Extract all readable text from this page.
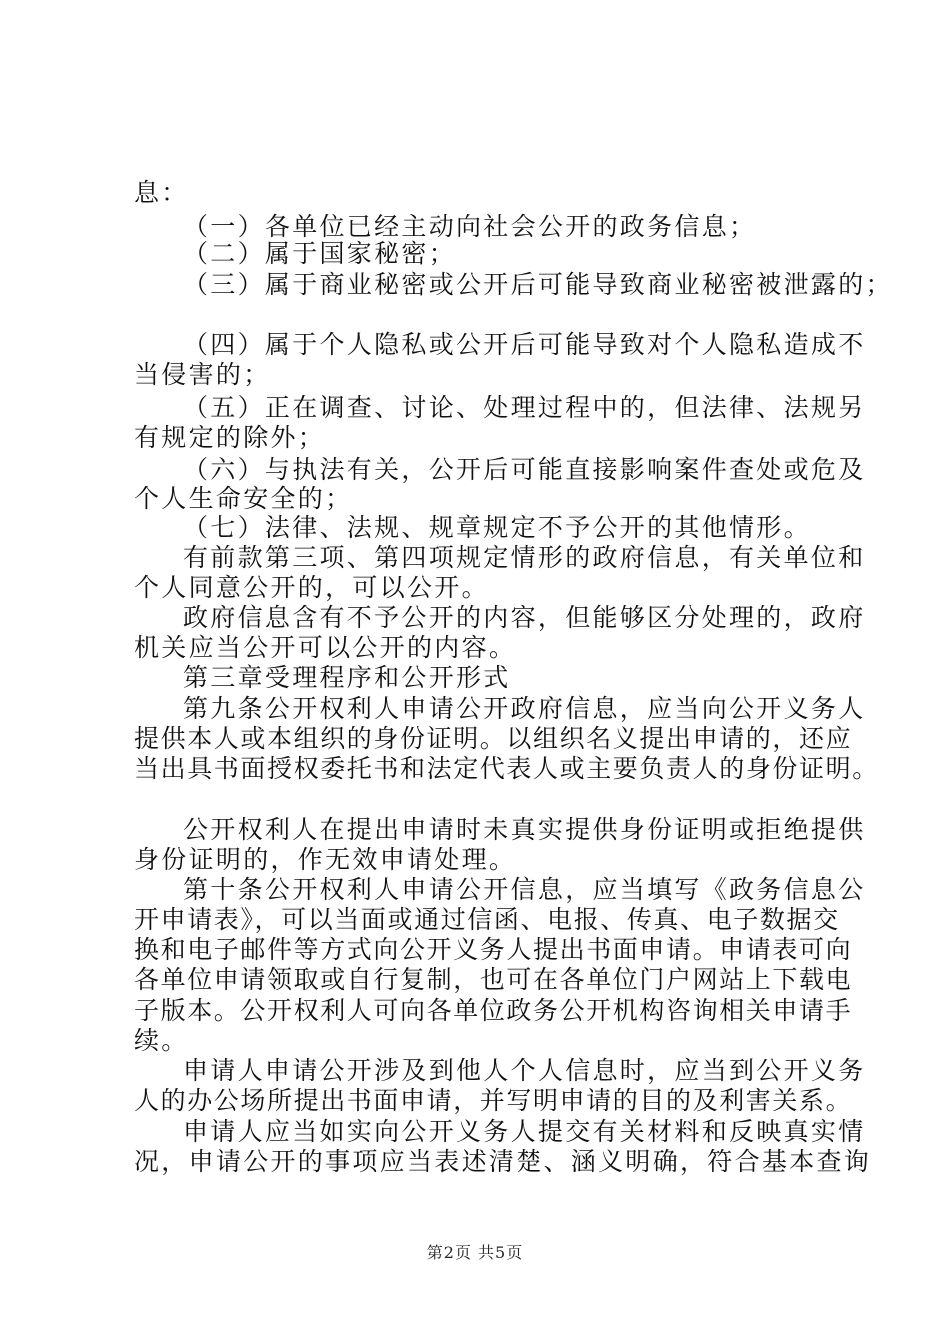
息：
（一）各单位已经主动向社会公开的政务信息；
（二）属于国家秘密；
（三）属于商业秘密或公开后可能导致商业秘密被泄露的；
（四）属于个人隐私或公开后可能导致对个人隐私造成不
当侵害的；
（五）正在调查、讨论、处理过程中的，但法律、法规另
有规定的除外；
（六）与执法有关，公开后可能直接影响案件查处或危及
个人生命安全的；
（七）法律、法规、规章规定不予公开的其他情形。
有前款第三项、第四项规定情形的政府信息，有关单位和
个人同意公开的，可以公开。
政府信息含有不予公开的内容，但能够区分处理的，政府
机关应当公开可以公开的内容。
第三章受理程序和公开形式
第九条公开权利人申请公开政府信息，应当向公开义务人
提供本人或本组织的身份证明。以组织名义提出申请的，还应
当出具书面授权委托书和法定代表人或主要负责人的身份证明。
公开权利人在提出申请时未真实提供身份证明或拒绝提供
身份证明的，作无效申请处理。
第十条公开权利人申请公开信息，应当填写《政务信息公
开申请表》，可以当面或通过信函、电报、传真、电子数据交
换和电子邮件等方式向公开义务人提出书面申请。申请表可向
各单位申请领取或自行复制，也可在各单位门户网站上下载电
子版本。公开权利人可向各单位政务公开机构咨询相关申请手
续。
申请人申请公开涉及到他人个人信息时，应当到公开义务
人的办公场所提出书面申请，并写明申请的目的及利害关系。
申请人应当如实向公开义务人提交有关材料和反映真实情
况，申请公开的事项应当表述清楚、涵义明确，符合基本查询
第2页 共5页
